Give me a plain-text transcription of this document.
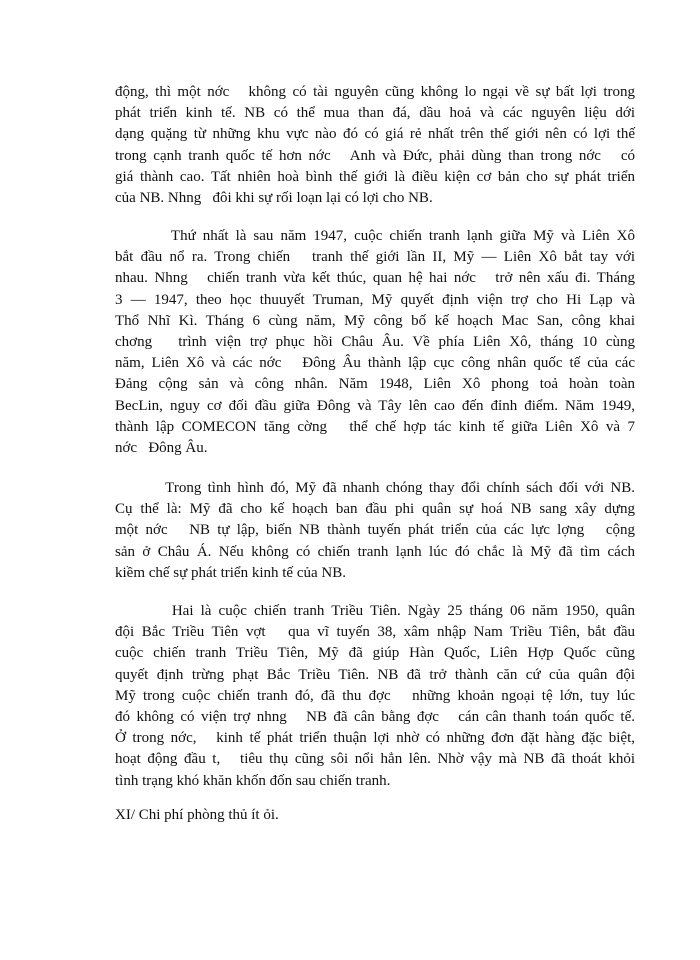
động, thì một nớc   không có tài nguyên cũng không lo ngại về sự bất lợi trong
phát triển kinh tế. NB có thể mua than đá, dầu hoả và các nguyên liệu dới
dạng quặng từ những khu vực nào đó có giá rẻ nhất trên thế giới nên có lợi thế
trong cạnh tranh quốc tế hơn nớc   Anh và Đức, phải dùng than trong nớc   có
giá thành cao. Tất nhiên hoà bình thế giới là điều kiện cơ bản cho sự phát triển
của NB. Nhng   đôi khi sự rối loạn lại có lợi cho NB.
Thứ nhất là sau năm 1947, cuộc chiến tranh lạnh giữa Mỹ và Liên Xô
bắt đầu nổ ra. Trong chiến   tranh thế giới lần II, Mỹ — Liên Xô bắt tay với
nhau. Nhng   chiến tranh vừa kết thúc, quan hệ hai nớc   trở nên xấu đi. Tháng
3 — 1947, theo học thuuyết Truman, Mỹ quyết định viện trợ cho Hi Lạp và
Thổ Nhĩ Kì. Tháng 6 cùng năm, Mỹ công bố kế hoạch Mac San, công khai
chơng   trình viện trợ phục hồi Châu Âu. Về phía Liên Xô, tháng 10 cùng
năm, Liên Xô và các nớc   Đông Âu thành lập cục công nhân quốc tế của các
Đảng cộng sản và công nhân. Năm 1948, Liên Xô phong toả hoàn toàn
BecLin, nguy cơ đối đầu giữa Đông và Tây lên cao đến đỉnh điểm. Năm 1949,
thành lập COMECON tăng cờng   thể chế hợp tác kinh tế giữa Liên Xô và 7
nớc   Đông Âu.
Trong tình hình đó, Mỹ đã nhanh chóng thay đổi chính sách đối với NB.
Cụ thể là: Mỹ đã cho kế hoạch ban đầu phi quân sự hoá NB sang xây dựng
một nớc   NB tự lập, biến NB thành tuyến phát triển của các lực lợng   cộng
sản ở Châu Á. Nếu không có chiến tranh lạnh lúc đó chắc là Mỹ đã tìm cách
kiềm chế sự phát triển kinh tế của NB.
Hai là cuộc chiến tranh Triều Tiên. Ngày 25 tháng 06 năm 1950, quân
đội Bắc Triều Tiên vợt   qua vĩ tuyến 38, xâm nhập Nam Triều Tiên, bắt đầu
cuộc chiến tranh Triều Tiên, Mỹ đã giúp Hàn Quốc, Liên Hợp Quốc cũng
quyết định trừng phạt Bắc Triều Tiên. NB đã trở thành căn cứ của quân đội
Mỹ trong cuộc chiến tranh đó, đã thu đợc   những khoản ngoại tệ lớn, tuy lúc
đó không có viện trợ nhng   NB đã cân bằng đợc   cán cân thanh toán quốc tế.
Ở trong nớc,   kinh tế phát triển thuận lợi nhờ có những đơn đặt hàng đặc biệt,
hoạt động đầu t,   tiêu thụ cũng sôi nổi hẳn lên. Nhờ vậy mà NB đã thoát khỏi
tình trạng khó khăn khốn đốn sau chiến tranh.
XI/ Chi phí phòng thủ ít ỏi.
